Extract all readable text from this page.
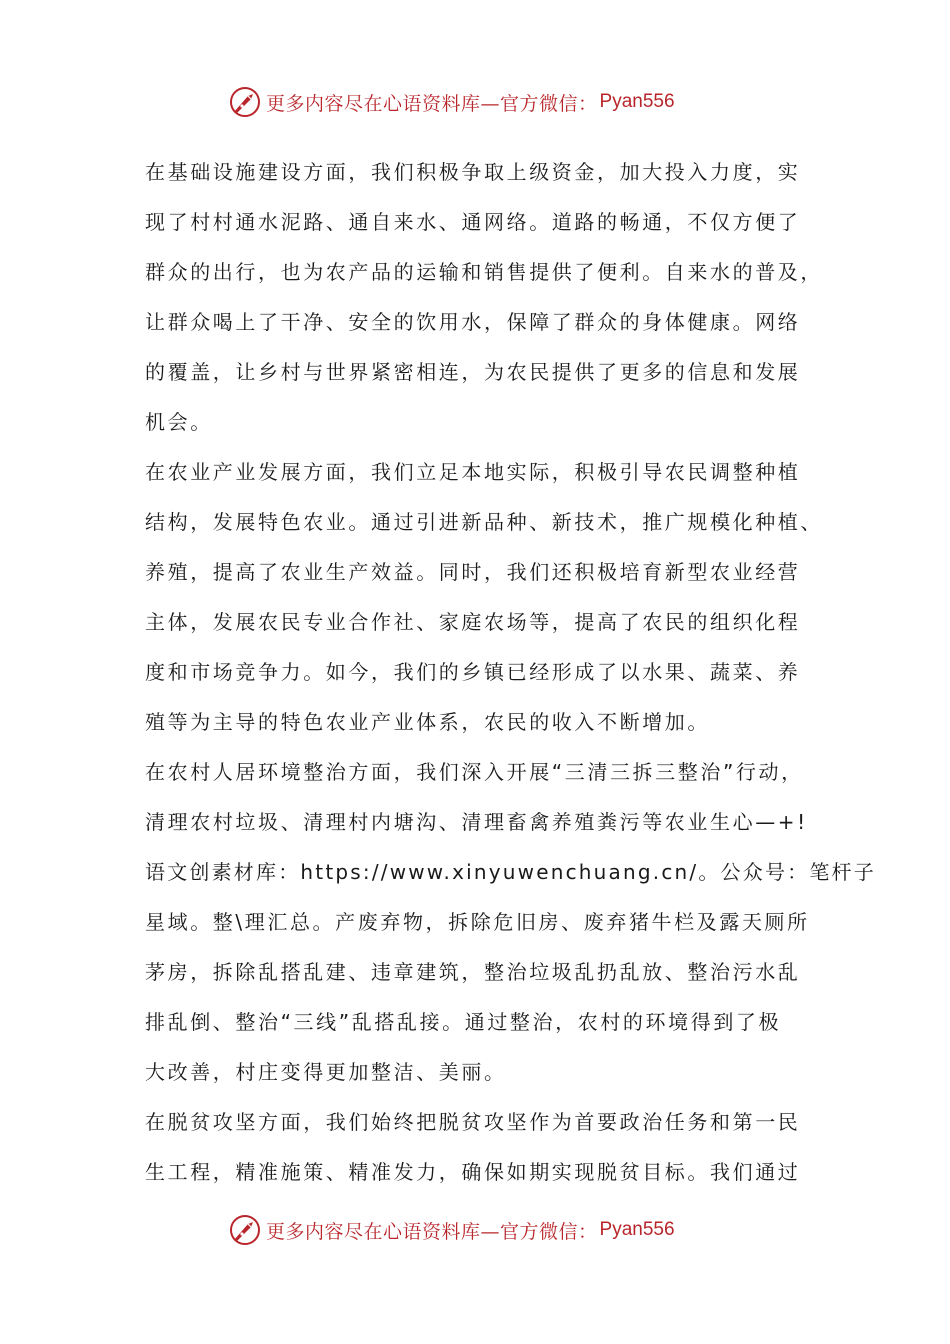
更多内容尽在心语资料库—官方微信： Pyan556
在基础设施建设方面，我们积极争取上级资金，加大投入力度，实
现了村村通水泥路、通自来水、通网络。道路的畅通，不仅方便了
群众的出行，也为农产品的运输和销售提供了便利。自来水的普及，
让群众喝上了干净、安全的饮用水，保障了群众的身体健康。网络
的覆盖，让乡村与世界紧密相连，为农民提供了更多的信息和发展
机会。
在农业产业发展方面，我们立足本地实际，积极引导农民调整种植
结构，发展特色农业。通过引进新品种、新技术，推广规模化种植、
养殖，提高了农业生产效益。同时，我们还积极培育新型农业经营
主体，发展农民专业合作社、家庭农场等，提高了农民的组织化程
度和市场竞争力。如今，我们的乡镇已经形成了以水果、蔬菜、养
殖等为主导的特色农业产业体系，农民的收入不断增加。
在农村人居环境整治方面，我们深入开展“三清三拆三整治”行动，
清理农村垃圾、清理村内塘沟、清理畜禽养殖粪污等农业生心—+!
语文创素材库：https://www.xinyuwenchuang.cn/。公众号：笔杆子
星域。整\理汇总。产废弃物，拆除危旧房、废弃猪牛栏及露天厕所
茅房，拆除乱搭乱建、违章建筑，整治垃圾乱扔乱放、整治污水乱
排乱倒、整治“三线”乱搭乱接。通过整治，农村的环境得到了极
大改善，村庄变得更加整洁、美丽。
在脱贫攻坚方面，我们始终把脱贫攻坚作为首要政治任务和第一民
生工程，精准施策、精准发力，确保如期实现脱贫目标。我们通过
更多内容尽在心语资料库—官方微信： Pyan556
